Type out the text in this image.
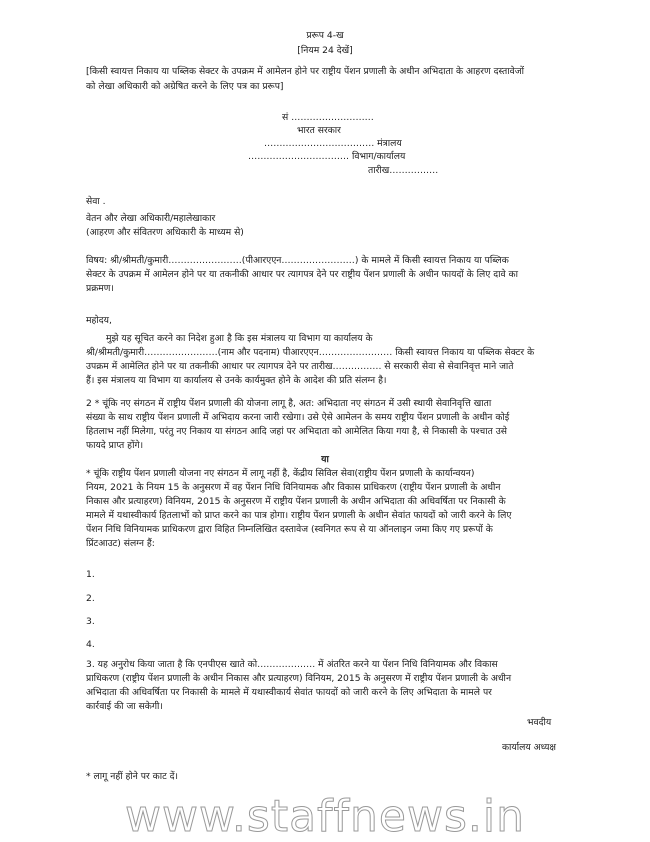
प्ररूप 4-ख
[नियम 24 देखें]
[किसी स्वायत्त निकाय या पब्लिक सेक्टर के उपक्रम में आमेलन होने पर राष्ट्रीय पेंशन प्रणाली के अधीन अभिदाता के आहरण दस्तावेजों
को लेखा अधिकारी को अग्रेषित करने के लिए पत्र का प्ररूप]
सं ………………………
भारत सरकार
……………………………… मंत्रालय
…………………………… विभाग/कार्यालय
तारीख…………….
सेवा .
वेतन और लेखा अधिकारी/महालेखाकार
(आहरण और संवितरण अधिकारी के माध्यम से)
विषय: श्री/श्रीमती/कुमारी……………………(पीआरएएन……………………) के मामले में किसी स्वायत्त निकाय या पब्लिक
सेक्टर के उपक्रम में आमेलन होने पर या तकनीकी आधार पर त्यागपत्र देने पर राष्ट्रीय पेंशन प्रणाली के अधीन फायदों के लिए दावे का
प्रक्रमण।
महोदय,
मुझे यह सूचित करने का निदेश हुआ है कि इस मंत्रालय या विभाग या कार्यालय के
श्री/श्रीमती/कुमारी……………………(नाम और पदनाम) पीआरएएन…………………… किसी स्वायत्त निकाय या पब्लिक सेक्टर के
उपक्रम में आमेलित होने पर या तकनीकी आधार पर त्यागपत्र देने पर तारीख……………. से सरकारी सेवा से सेवानिवृत्त माने जाते
हैं। इस मंत्रालय या विभाग या कार्यालय से उनके कार्यमुक्त होने के आदेश की प्रति संलग्न है।
2 * चूंकि नए संगठन में राष्ट्रीय पेंशन प्रणाली की योजना लागू है, अत: अभिदाता नए संगठन में उसी स्थायी सेवानिवृत्ति खाता
संख्या के साथ राष्ट्रीय पेंशन प्रणाली में अभिदाय करना जारी रखेगा। उसे ऐसे आमेलन के समय राष्ट्रीय पेंशन प्रणाली के अधीन कोई
हितलाभ नहीं मिलेगा, परंतु नए निकाय या संगठन आदि जहां पर अभिदाता को आमेलित किया गया है, से निकासी के पश्चात उसे
फायदे प्राप्त होंगे।
या
* चूंकि राष्ट्रीय पेंशन प्रणाली योजना नए संगठन में लागू नहीं है, केंद्रीय सिविल सेवा(राष्ट्रीय पेंशन प्रणाली के कार्यान्वयन)
नियम, 2021 के नियम 15 के अनुसरण में वह पेंशन निधि विनियामक और विकास प्राधिकरण (राष्ट्रीय पेंशन प्रणाली के अधीन
निकास और प्रत्याहरण) विनियम, 2015 के अनुसरण में राष्ट्रीय पेंशन प्रणाली के अधीन अभिदाता की अधिवर्षिता पर निकासी के
मामले में यथास्वीकार्य हितलाभों को प्राप्त करने का पात्र होगा। राष्ट्रीय पेंशन प्रणाली के अधीन सेवांत फायदों को जारी करने के लिए
पेंशन निधि विनियामक प्राधिकरण द्वारा विहित निम्नलिखित दस्तावेज (स्वनिगत रूप से या ऑनलाइन जमा किए गए प्ररूपों के
प्रिंटआउट) संलग्न हैं:
1.
2.
3.
4.
3. यह अनुरोध किया जाता है कि एनपीएस खाते को………………. में अंतरित करने या पेंशन निधि विनियामक और विकास
प्राधिकरण (राष्ट्रीय पेंशन प्रणाली के अधीन निकास और प्रत्याहरण) विनियम, 2015 के अनुसरण में राष्ट्रीय पेंशन प्रणाली के अधीन
अभिदाता की अधिवर्षिता पर निकासी के मामले में यथास्वीकार्य सेवांत फायदों को जारी करने के लिए अभिदाता के मामले पर
कार्रवाई की जा सकेगी।
भवदीय
कार्यालय अध्यक्ष
* लागू नहीं होने पर काट दें।
www.staffnews.in
